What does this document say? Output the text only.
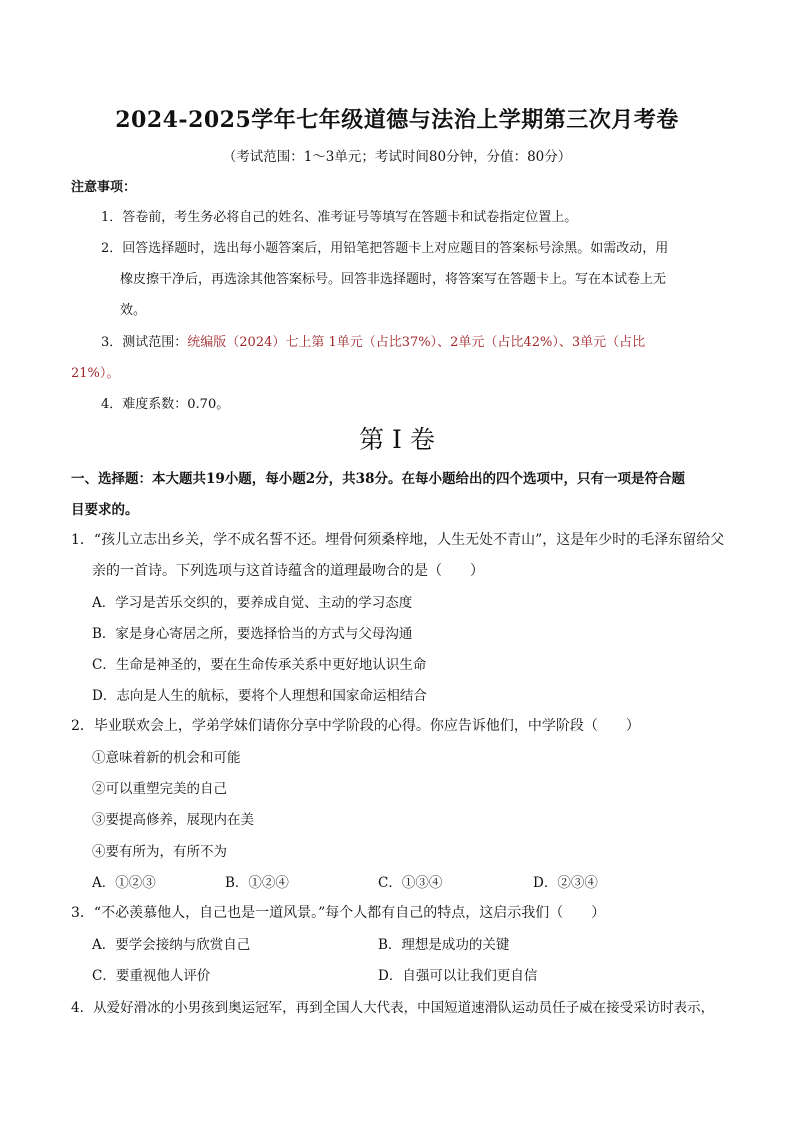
2024-2025学年七年级道德与法治上学期第三次月考卷
（考试范围：1～3单元；考试时间80分钟，分值：80分）
注意事项：
1．答卷前，考生务必将自己的姓名、准考证号等填写在答题卡和试卷指定位置上。
2．回答选择题时，选出每小题答案后，用铅笔把答题卡上对应题目的答案标号涂黑。如需改动，用
橡皮擦干净后，再选涂其他答案标号。回答非选择题时，将答案写在答题卡上。写在本试卷上无
效。
3．测试范围：统编版（2024）七上第 1单元（占比37%）、2单元（占比42%）、3单元（占比
21%）。
4．难度系数：0.70。
第 I 卷
一、选择题：本大题共19小题，每小题2分，共38分。在每小题给出的四个选项中，只有一项是符合题
目要求的。
1．“孩儿立志出乡关，学不成名誓不还。埋骨何须桑梓地，人生无处不青山”，这是年少时的毛泽东留给父
亲的一首诗。下列选项与这首诗蕴含的道理最吻合的是（　　）
A．学习是苦乐交织的，要养成自觉、主动的学习态度
B．家是身心寄居之所，要选择恰当的方式与父母沟通
C．生命是神圣的，要在生命传承关系中更好地认识生命
D．志向是人生的航标，要将个人理想和国家命运相结合
2．毕业联欢会上，学弟学妹们请你分享中学阶段的心得。你应告诉他们，中学阶段（　　）
①意味着新的机会和可能
②可以重塑完美的自己
③要提高修养，展现内在美
④要有所为，有所不为
A．①②③	B．①②④	C．①③④	D．②③④
3．“不必羡慕他人，自己也是一道风景。”每个人都有自己的特点，这启示我们（　　）
A．要学会接纳与欣赏自己	B．理想是成功的关键
C．要重视他人评价	D．自强可以让我们更自信
4．从爱好滑冰的小男孩到奥运冠军，再到全国人大代表，中国短道速滑队运动员任子威在接受采访时表示，
